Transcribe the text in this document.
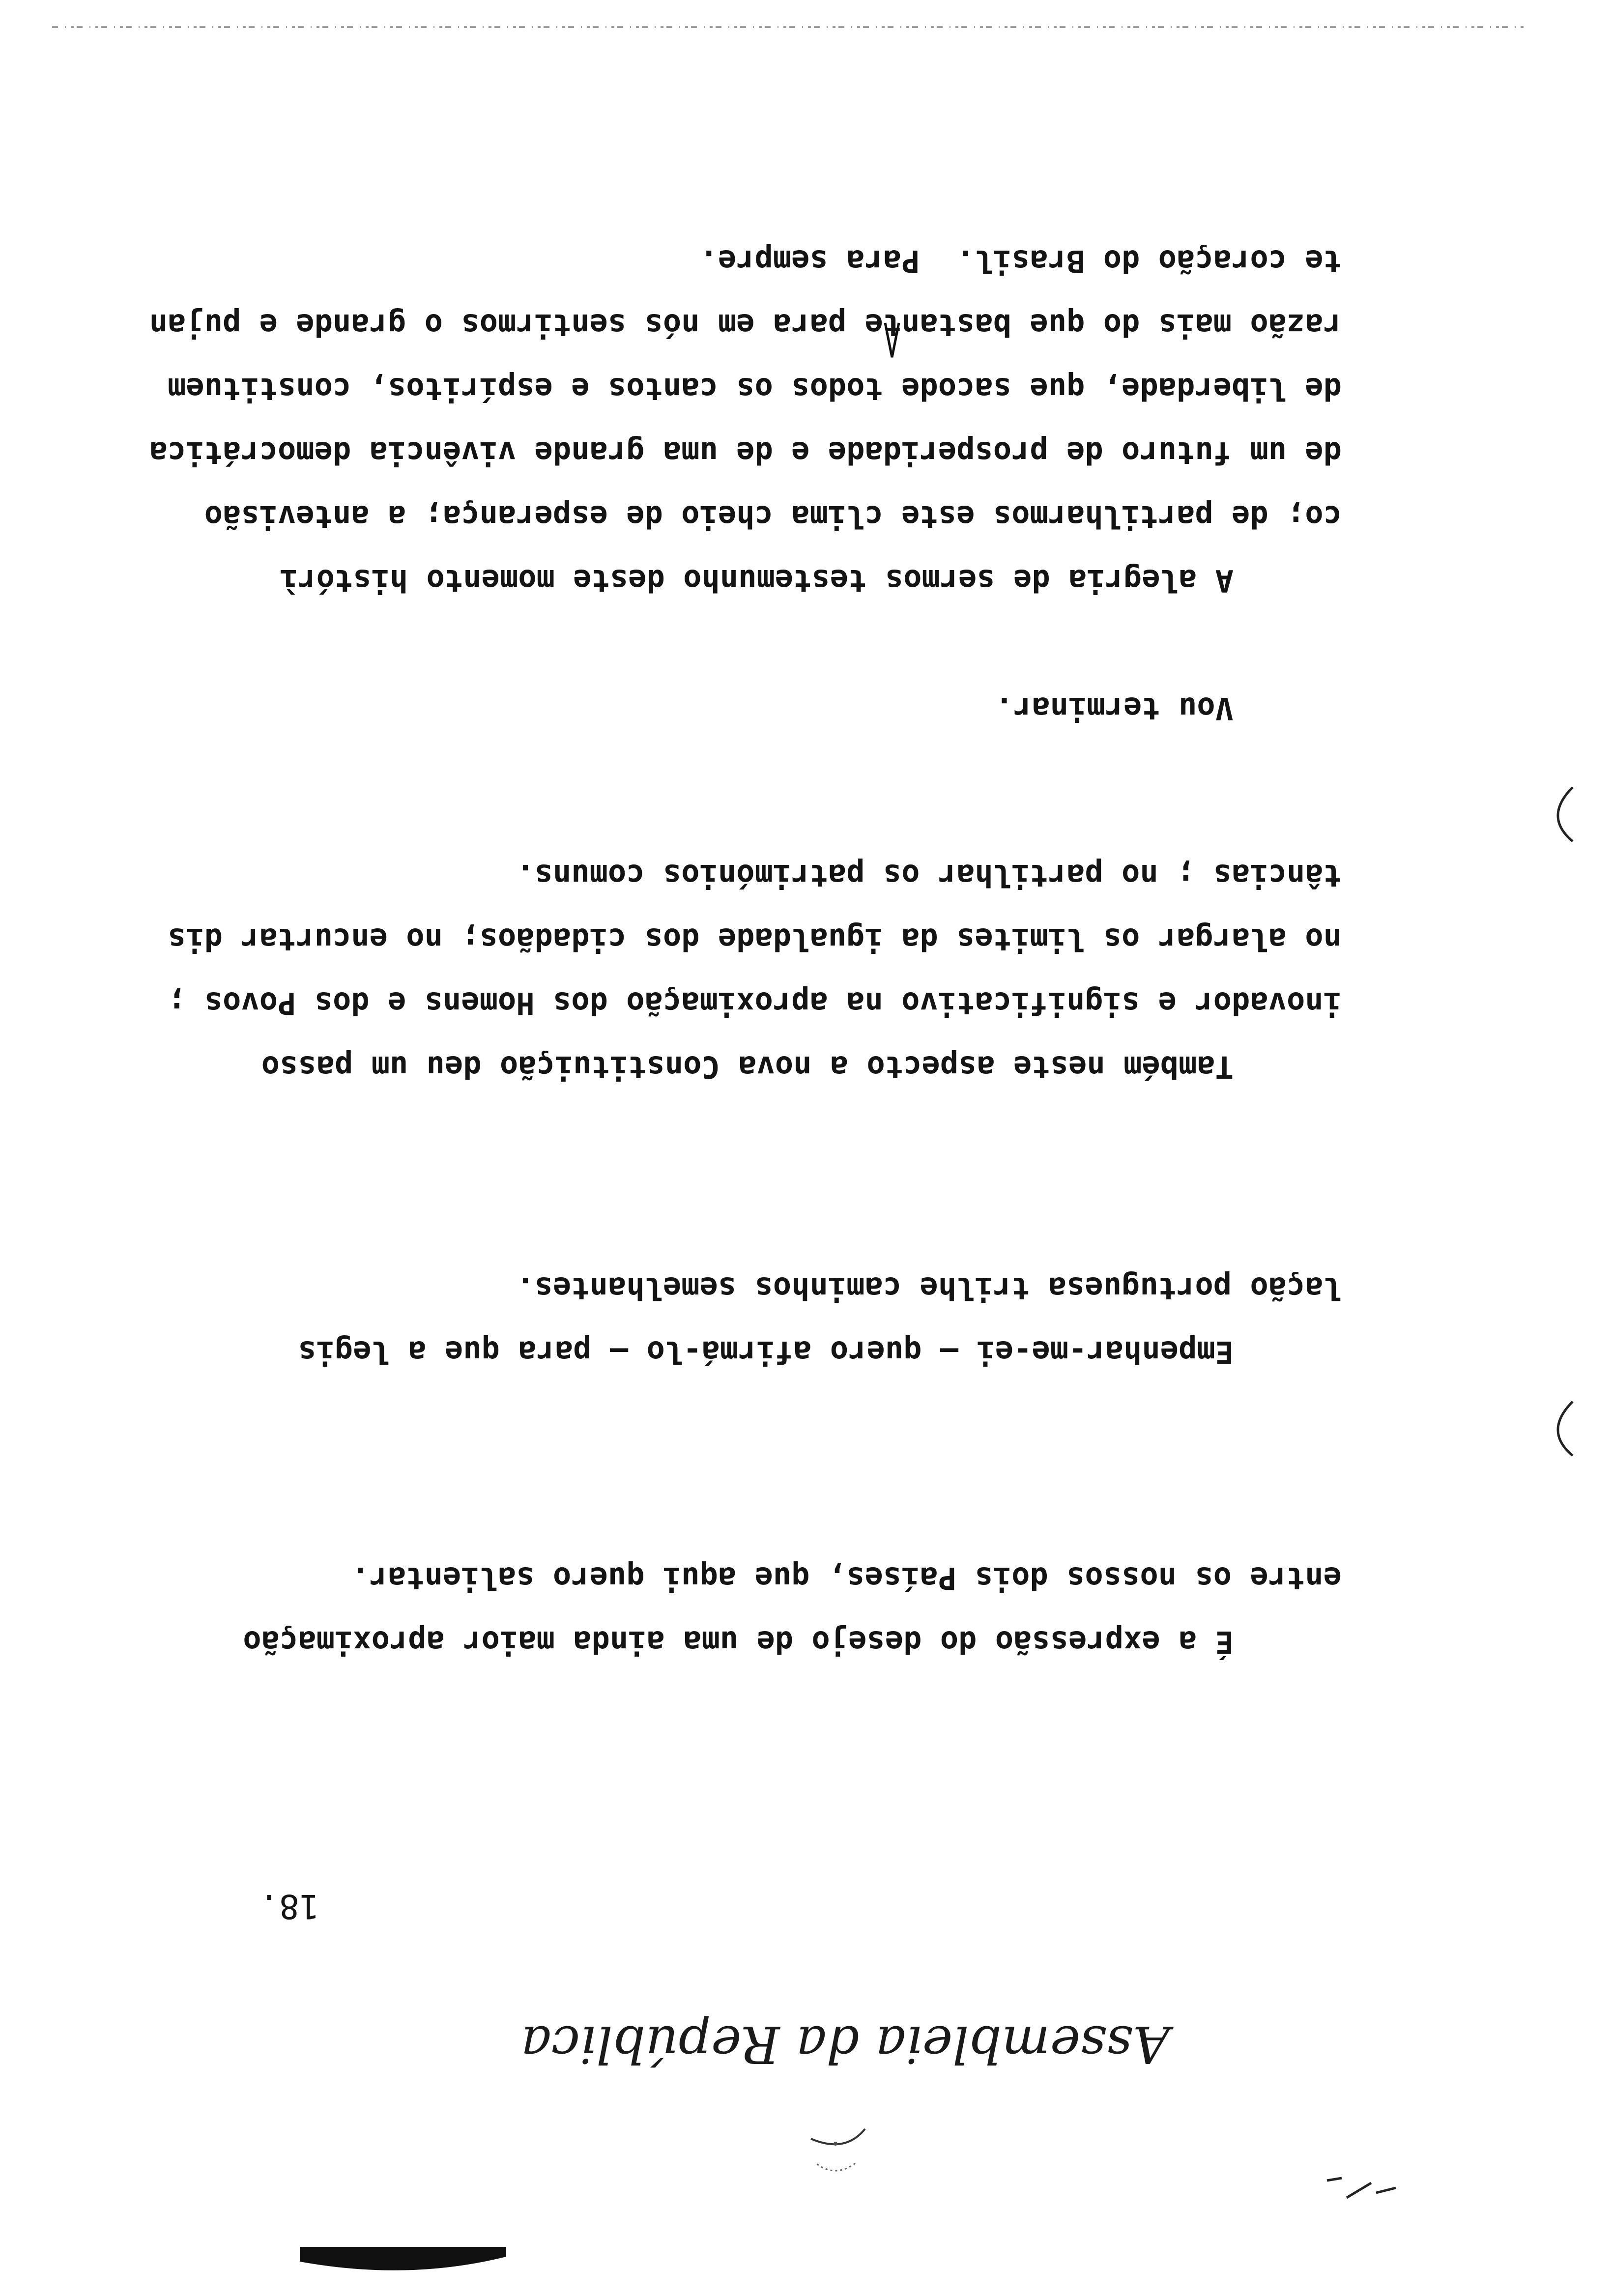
Assembleia da República
18.
É a expressão do desejo de uma ainda maior aproximação
entre os nossos dois Países, que aqui quero salientar.
Empenhar-me-ei — quero afirmá-lo — para que a legis
lação portuguesa trilhe caminhos semelhantes.
Também neste aspecto a nova Constituição deu um passo
inovador e significativo na aproximação dos Homens e dos Povos ;
no alargar os limites da igualdade dos cidadãos; no encurtar dis
tâncias ; no partilhar os patrimónios comuns.
Vou terminar.
A alegria de sermos testemunho deste momento histórì
co; de partilharmos este clima cheio de esperança; a antevisão
de um futuro de prosperidade e de uma grande vivência democrática
de liberdade, que sacode todos os cantos e espíritos, constituem
razão mais do que bastante para em nós sentirmos o grande e pujan
te coração do Brasil.  Para sempre.
